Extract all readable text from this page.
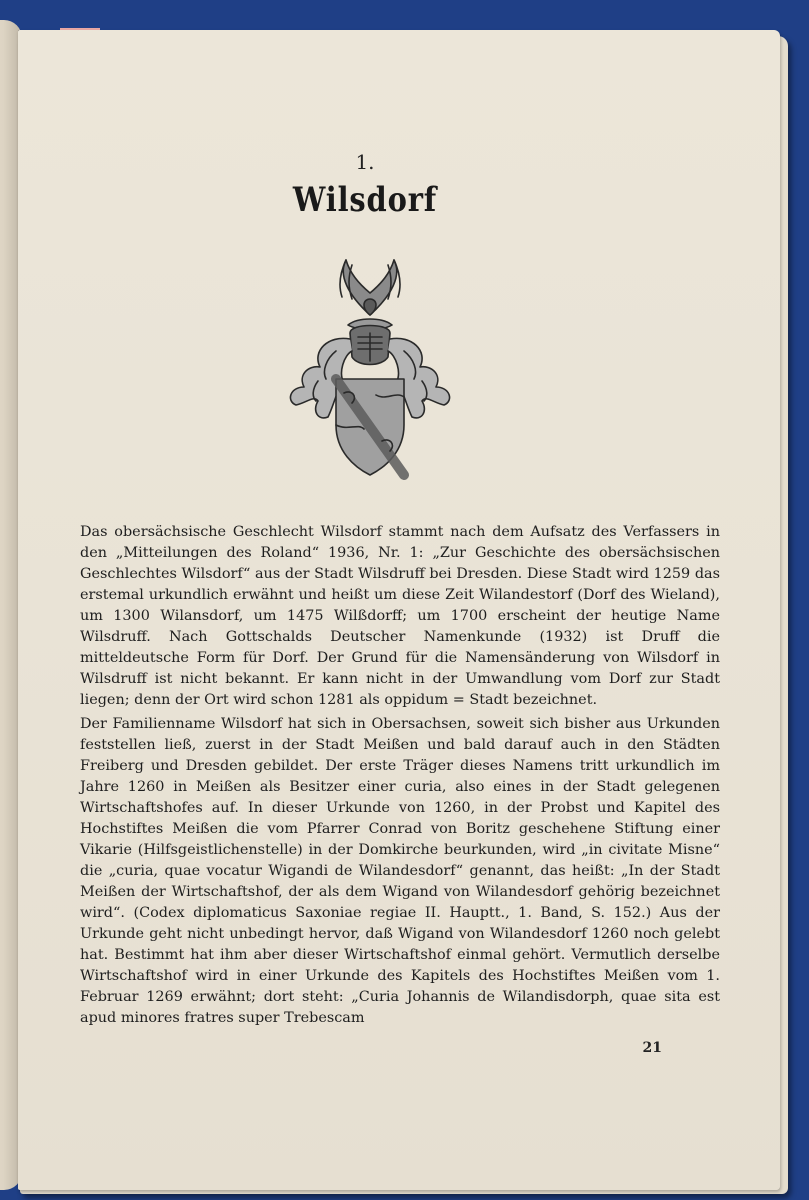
1.
Wilsdorf

Das obersächsische Geschlecht Wilsdorf stammt nach dem Aufsatz des Verfassers in den „Mitteilungen des Roland“ 1936, Nr. 1: „Zur Geschichte des obersächsischen Geschlechtes Wilsdorf“ aus der Stadt Wilsdruff bei Dresden. Diese Stadt wird 1259 das erstemal urkundlich erwähnt und heißt um diese Zeit Wilandestorf (Dorf des Wieland), um 1300 Wilansdorf, um 1475 Wilßdorff; um 1700 erscheint der heutige Name Wilsdruff. Nach Gottschalds Deutscher Namenkunde (1932) ist Druff die mitteldeutsche Form für Dorf. Der Grund für die Namensänderung von Wilsdorf in Wilsdruff ist nicht bekannt. Er kann nicht in der Umwandlung vom Dorf zur Stadt liegen; denn der Ort wird schon 1281 als oppidum = Stadt bezeichnet.

Der Familienname Wilsdorf hat sich in Obersachsen, soweit sich bisher aus Urkunden feststellen ließ, zuerst in der Stadt Meißen und bald darauf auch in den Städten Freiberg und Dresden gebildet. Der erste Träger dieses Namens tritt urkundlich im Jahre 1260 in Meißen als Besitzer einer curia, also eines in der Stadt gelegenen Wirtschaftshofes auf. In dieser Urkunde von 1260, in der Probst und Kapitel des Hochstiftes Meißen die vom Pfarrer Conrad von Boritz geschehene Stiftung einer Vikarie (Hilfsgeistlichenstelle) in der Domkirche beurkunden, wird „in civitate Misne“ die „curia, quae vocatur Wigandi de Wilandesdorf“ genannt, das heißt: „In der Stadt Meißen der Wirtschaftshof, der als dem Wigand von Wilandesdorf gehörig bezeichnet wird“. (Codex diplomaticus Saxoniae regiae II. Hauptt., 1. Band, S. 152.) Aus der Urkunde geht nicht unbedingt hervor, daß Wigand von Wilandesdorf 1260 noch gelebt hat. Bestimmt hat ihm aber dieser Wirtschaftshof einmal gehört. Vermutlich derselbe Wirtschaftshof wird in einer Urkunde des Kapitels des Hochstiftes Meißen vom 1. Februar 1269 erwähnt; dort steht: „Curia Johannis de Wilandisdorph, quae sita est apud minores fratres super Trebescam

21
